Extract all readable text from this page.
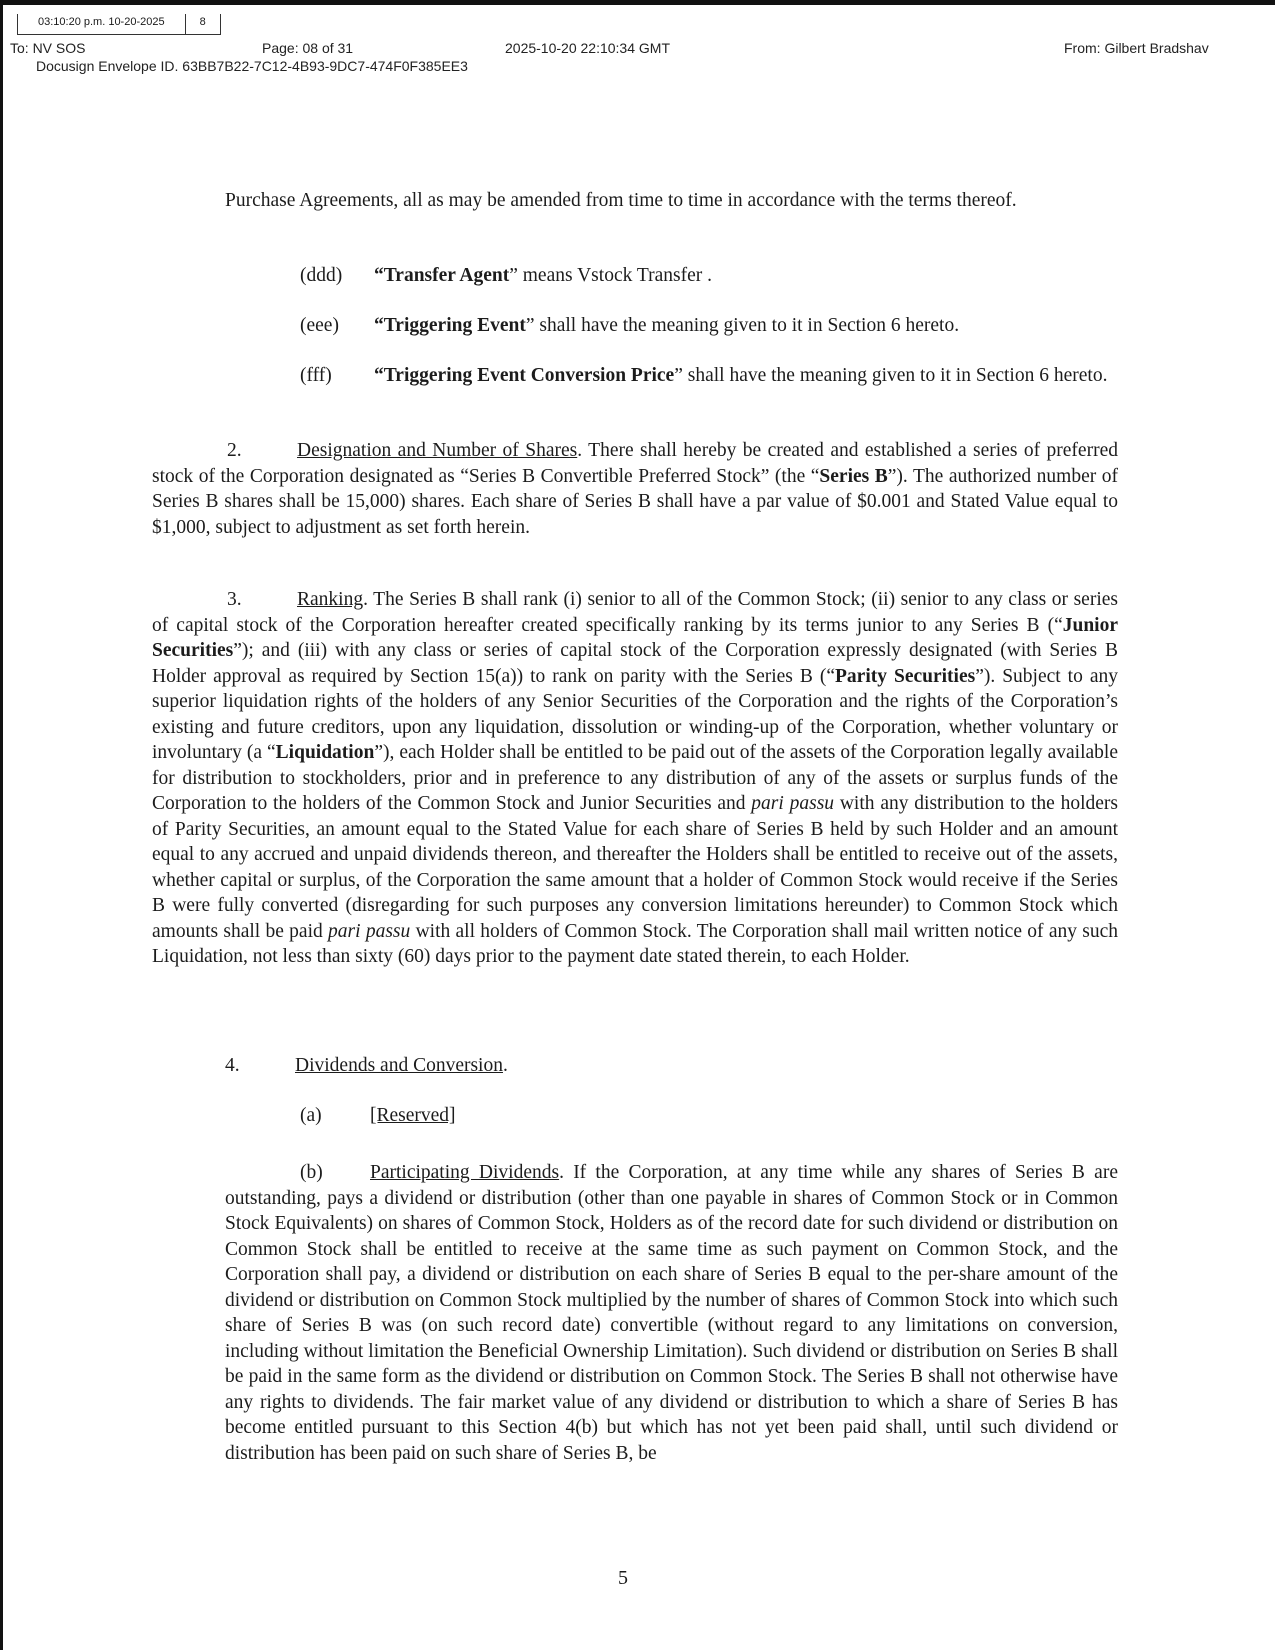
03:10:20 p.m. 10-20-2025	8
To: NV SOS	Page: 08 of 31	2025-10-20 22:10:34 GMT	From: Gilbert Bradshav
Docusign Envelope ID. 63BB7B22-7C12-4B93-9DC7-474F0F385EE3
Purchase Agreements, all as may be amended from time to time in accordance with the terms thereof.
(ddd) “Transfer Agent” means Vstock Transfer .
(eee) “Triggering Event” shall have the meaning given to it in Section 6 hereto.
(fff) “Triggering Event Conversion Price” shall have the meaning given to it in Section 6 hereto.
2.	Designation and Number of Shares. There shall hereby be created and established a series of preferred stock of the Corporation designated as “Series B Convertible Preferred Stock” (the “Series B”). The authorized number of Series B shares shall be 15,000) shares. Each share of Series B shall have a par value of $0.001 and Stated Value equal to $1,000, subject to adjustment as set forth herein.
3.	Ranking. The Series B shall rank (i) senior to all of the Common Stock; (ii) senior to any class or series of capital stock of the Corporation hereafter created specifically ranking by its terms junior to any Series B (“Junior Securities”); and (iii) with any class or series of capital stock of the Corporation expressly designated (with Series B Holder approval as required by Section 15(a)) to rank on parity with the Series B (“Parity Securities”). Subject to any superior liquidation rights of the holders of any Senior Securities of the Corporation and the rights of the Corporation’s existing and future creditors, upon any liquidation, dissolution or winding-up of the Corporation, whether voluntary or involuntary (a “Liquidation”), each Holder shall be entitled to be paid out of the assets of the Corporation legally available for distribution to stockholders, prior and in preference to any distribution of any of the assets or surplus funds of the Corporation to the holders of the Common Stock and Junior Securities and pari passu with any distribution to the holders of Parity Securities, an amount equal to the Stated Value for each share of Series B held by such Holder and an amount equal to any accrued and unpaid dividends thereon, and thereafter the Holders shall be entitled to receive out of the assets, whether capital or surplus, of the Corporation the same amount that a holder of Common Stock would receive if the Series B were fully converted (disregarding for such purposes any conversion limitations hereunder) to Common Stock which amounts shall be paid pari passu with all holders of Common Stock. The Corporation shall mail written notice of any such Liquidation, not less than sixty (60) days prior to the payment date stated therein, to each Holder.
4.	Dividends and Conversion.
(a) [Reserved]
(b) Participating Dividends. If the Corporation, at any time while any shares of Series B are outstanding, pays a dividend or distribution (other than one payable in shares of Common Stock or in Common Stock Equivalents) on shares of Common Stock, Holders as of the record date for such dividend or distribution on Common Stock shall be entitled to receive at the same time as such payment on Common Stock, and the Corporation shall pay, a dividend or distribution on each share of Series B equal to the per-share amount of the dividend or distribution on Common Stock multiplied by the number of shares of Common Stock into which such share of Series B was (on such record date) convertible (without regard to any limitations on conversion, including without limitation the Beneficial Ownership Limitation). Such dividend or distribution on Series B shall be paid in the same form as the dividend or distribution on Common Stock. The Series B shall not otherwise have any rights to dividends. The fair market value of any dividend or distribution to which a share of Series B has become entitled pursuant to this Section 4(b) but which has not yet been paid shall, until such dividend or distribution has been paid on such share of Series B, be
5
